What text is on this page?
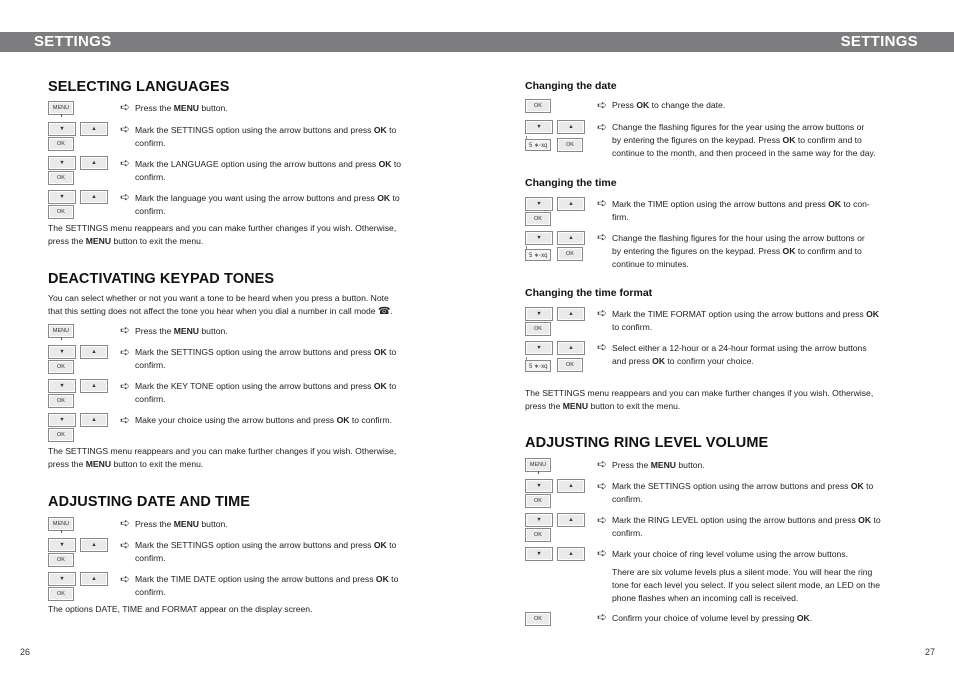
SETTINGS	SETTINGS
SELECTING LANGUAGES
MENU	➪ Press the MENU button.
▼	▲
OK
➪ Mark the SETTINGS option using the arrow buttons and press OK to
confirm.
▼	▲
OK
➪ Mark the LANGUAGE option using the arrow buttons and press OK to
confirm.
▼	▲
OK
➪ Mark the language you want using the arrow buttons and press OK to
confirm.
The SETTINGS menu reappears and you can make further changes if you wish. Otherwise,
press the MENU button to exit the menu.
DEACTIVATING KEYPAD TONES
You can select whether or not you want a tone to be heard when you press a button. Note
that this setting does not affect the tone you hear when you dial a number in call mode ☎.
MENU	➪ Press the MENU button.
▼	▲
OK
➪ Mark the SETTINGS option using the arrow buttons and press OK to
confirm.
▼	▲
OK
➪ Mark the KEY TONE option using the arrow buttons and press OK to
confirm.
▼	▲
OK
➪ Make your choice using the arrow buttons and press OK to confirm.
The SETTINGS menu reappears and you can make further changes if you wish. Otherwise,
press the MENU button to exit the menu.
ADJUSTING DATE AND TIME
MENU	➪ Press the MENU button.
▼	▲
OK
➪ Mark the SETTINGS option using the arrow buttons and press OK to
confirm.
▼	▲
OK
➪ Mark the TIME DATE option using the arrow buttons and press OK to
confirm.
The options DATE, TIME and FORMAT appear on the display screen.
26
Changing the date
OK	➪ Press OK to change the date.
▼	▲
5 ∗◦xq	OK
➪ Change the flashing figures for the year using the arrow buttons or
by entering the figures on the keypad. Press OK to confirm and to
continue to the month, and then proceed in the same way for the day.
Changing the time
▼	▲
OK
➪ Mark the TIME option using the arrow buttons and press OK to con-
firm.
▼	▲
5 ∗◦xq	OK
➪ Change the flashing figures for the hour using the arrow buttons or
by entering the figures on the keypad. Press OK to confirm and to
continue to minutes.
Changing the time format
▼	▲
OK
➪ Mark the TIME FORMAT option using the arrow buttons and press OK
to confirm.
▼	▲
5 ∗◦xq	OK
➪ Select either a 12-hour or a 24-hour format using the arrow buttons
and press OK to confirm your choice.
The SETTINGS menu reappears and you can make further changes if you wish. Otherwise,
press the MENU button to exit the menu.
ADJUSTING RING LEVEL VOLUME
MENU	➪ Press the MENU button.
▼	▲
OK
➪ Mark the SETTINGS option using the arrow buttons and press OK to
confirm.
▼	▲
OK
➪ Mark the RING LEVEL option using the arrow buttons and press OK to
confirm.
▼	▲	➪ Mark your choice of ring level volume using the arrow buttons.
There are six volume levels plus a silent mode. You will hear the ring
tone for each level you select. If you select silent mode, an LED on the
phone flashes when an incoming call is received.
OK	➪ Confirm your choice of volume level by pressing OK.
27
